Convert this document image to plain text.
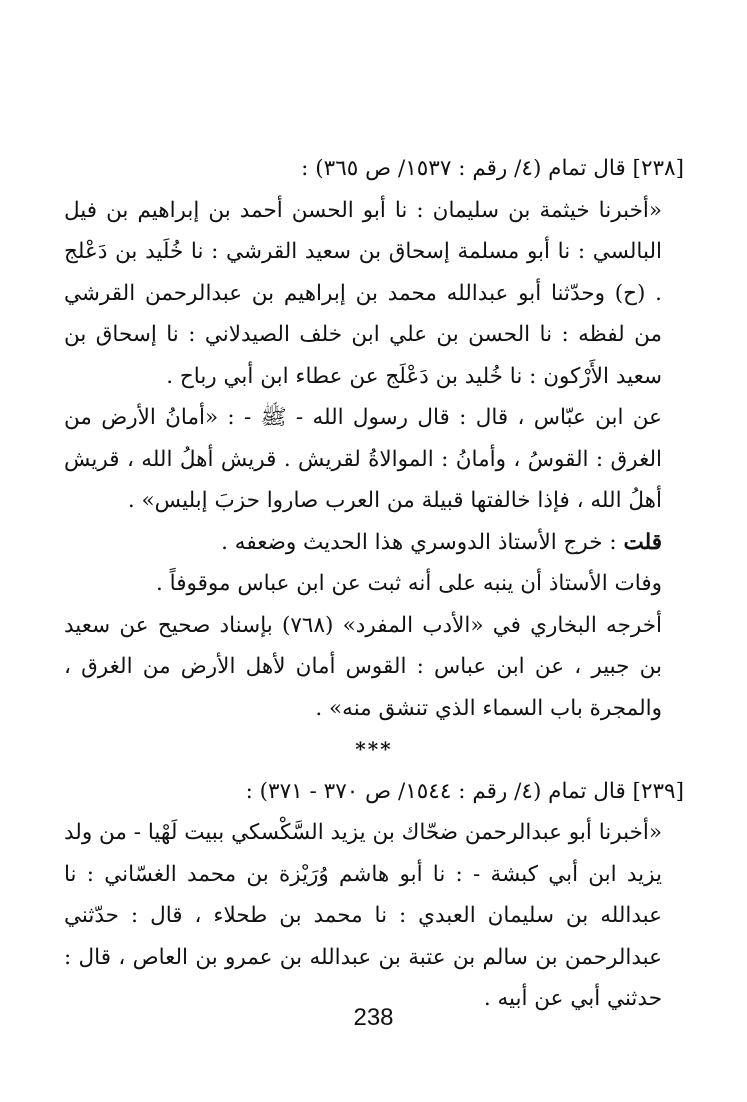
[٢٣٨] قال تمام (٤/ رقم : ١٥٣٧/ ص ٣٦٥) :

«أخبرنا خيثمة بن سليمان : نا أبو الحسن أحمد بن إبراهيم بن فيل البالسي : نا أبو مسلمة إسحاق بن سعيد القرشي : نا خُلَيد بن دَعْلج . (ح) وحدّثنا أبو عبدالله محمد بن إبراهيم بن عبدالرحمن القرشي من لفظه : نا الحسن بن علي ابن خلف الصيدلاني : نا إسحاق بن سعيد الأَرْكون : نا خُليد بن دَعْلَج عن عطاء ابن أبي رباح .

عن ابن عبّاس ، قال : قال رسول الله - ﷺ - : «أمانُ الأرض من الغرق : القوسُ ، وأمانُ : الموالاةُ لقريش . قريش أهلُ الله ، قريش أهلُ الله ، فإذا خالفتها قبيلة من العرب صاروا حزبَ إبليس» .

قلت : خرج الأستاذ الدوسري هذا الحديث وضعفه .

وفات الأستاذ أن ينبه على أنه ثبت عن ابن عباس موقوفاً .

أخرجه البخاري في «الأدب المفرد» (٧٦٨) بإسناد صحيح عن سعيد بن جبير ، عن ابن عباس : القوس أمان لأهل الأرض من الغرق ، والمجرة باب السماء الذي تنشق منه» .

***

[٢٣٩] قال تمام (٤/ رقم : ١٥٤٤/ ص ٣٧٠ - ٣٧١) :

«أخبرنا أبو عبدالرحمن ضحّاك بن يزيد السَّكْسكي ببيت لَهْيا - من ولد يزيد ابن أبي كبشة - : نا أبو هاشم وُرَيْزة بن محمد الغسّاني : نا عبدالله بن سليمان العبدي : نا محمد بن طحلاء ، قال : حدّثني عبدالرحمن بن سالم بن عتبة بن عبدالله بن عمرو بن العاص ، قال : حدثني أبي عن أبيه .

238
